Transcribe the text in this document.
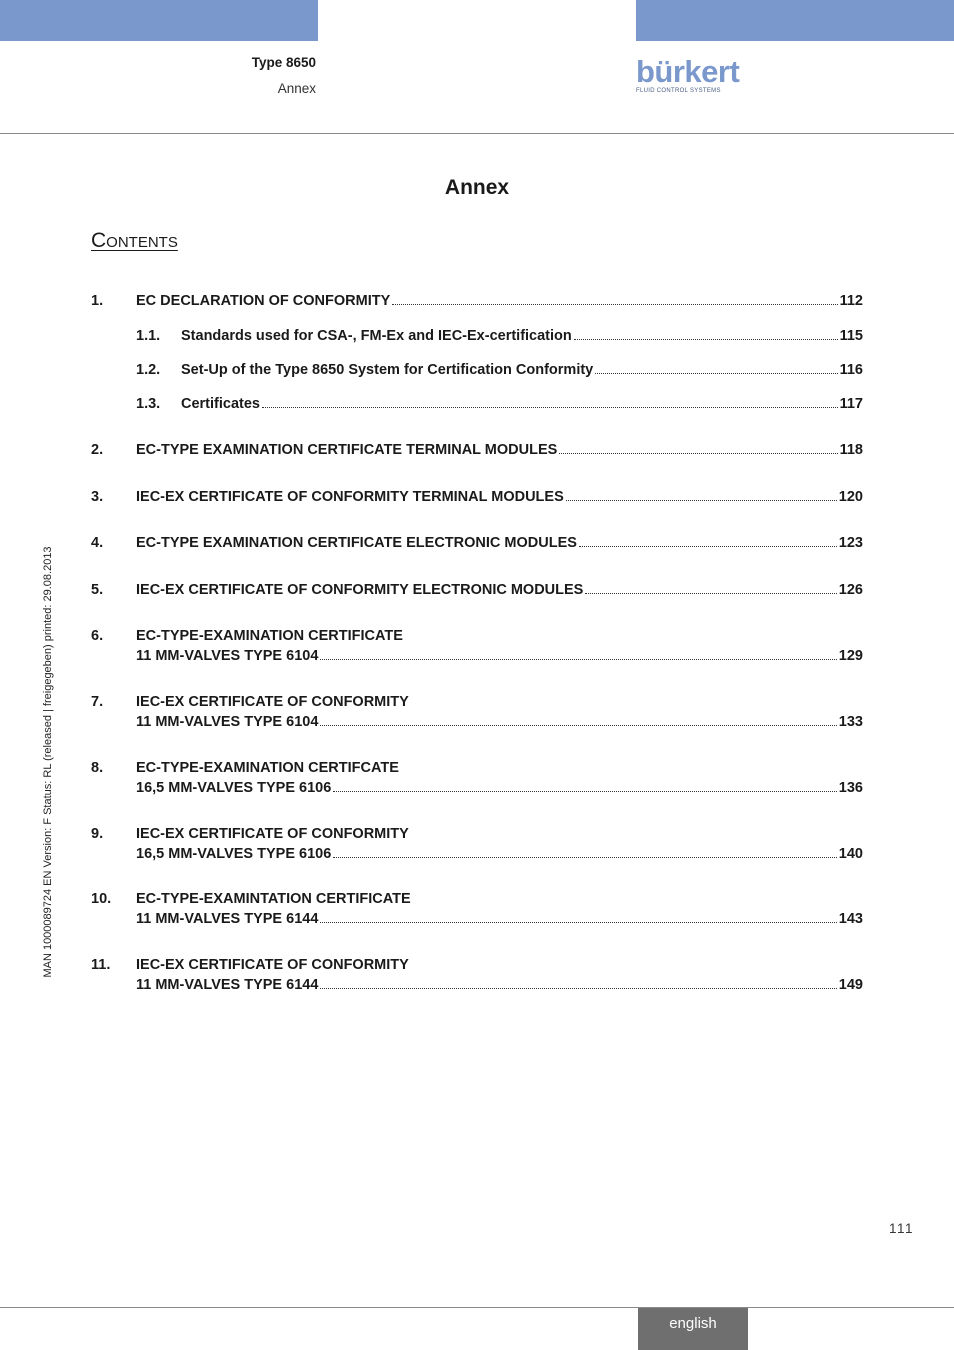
Type 8650
Annex	bürkert
FLUID CONTROL SYSTEMS
Annex
Contents
1.	EC DECLARATION OF CONFORMITY	112
1.1.	Standards used for CSA-, FM-Ex and IEC-Ex-certification	115
1.2.	Set-Up of the Type 8650 System for Certification Conformity	116
1.3.	Certificates	117
2.	EC-TYPE EXAMINATION CERTIFICATE TERMINAL MODULES	118
3.	IEC-EX CERTIFICATE OF CONFORMITY TERMINAL MODULES	120
4.	EC-TYPE EXAMINATION CERTIFICATE ELECTRONIC MODULES	123
5.	IEC-EX CERTIFICATE OF CONFORMITY ELECTRONIC MODULES	126
6.	EC-TYPE-EXAMINATION CERTIFICATE
11 MM-VALVES TYPE 6104	129
7.	IEC-EX CERTIFICATE OF CONFORMITY
11 MM-VALVES TYPE 6104	133
8.	EC-TYPE-EXAMINATION CERTIFCATE
16,5 MM-VALVES TYPE 6106	136
9.	IEC-EX CERTIFICATE OF CONFORMITY
16,5 MM-VALVES TYPE 6106	140
10.	EC-TYPE-EXAMINTATION CERTIFICATE
11 MM-VALVES TYPE 6144	143
11.	IEC-EX CERTIFICATE OF CONFORMITY
11 MM-VALVES TYPE 6144	149
MAN 1000089724 EN Version: F Status: RL (released | freigegeben) printed: 29.08.2013
111
english
